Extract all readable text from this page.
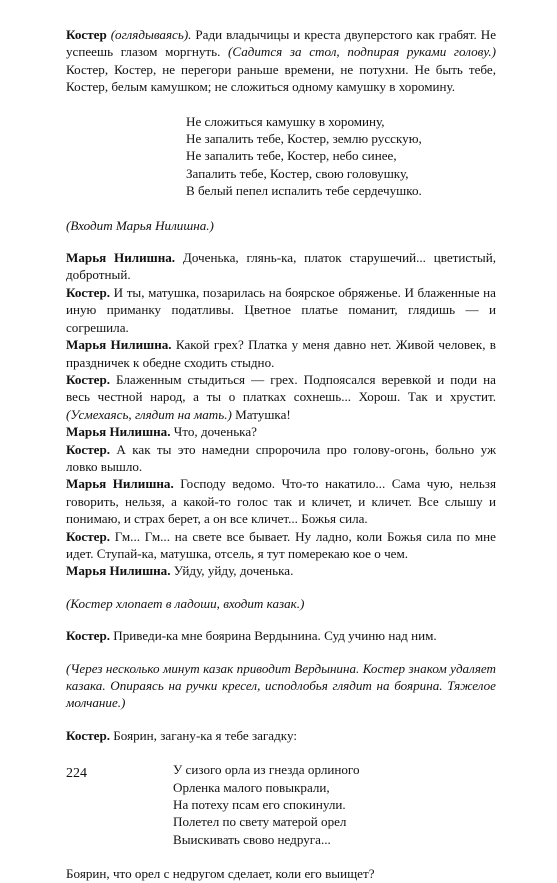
Костер (оглядываясь). Ради владычицы и креста двуперстого как грабят. Не успеешь глазом моргнуть. (Садится за стол, подпирая руками голову.) Костер, Костер, не перегори раньше времени, не потухни. Не быть тебе, Костер, белым камушком; не сложиться одному камушку в хоромину.

Не сложиться камушку в хоромину,
Не запалить тебе, Костер, землю русскую,
Не запалить тебе, Костер, небо синее,
Запалить тебе, Костер, свою головушку,
В белый пепел испалить тебе сердечушко.

(Входит Марья Нилишна.)

Марья Нилишна. Доченька, глянь-ка, платок старушечий... цветистый, добротный.

Костер. И ты, матушка, позарилась на боярское обряженье. И блаженные на иную приманку податливы. Цветное платье поманит, глядишь — и согрешила.

Марья Нилишна. Какой грех? Платка у меня давно нет. Живой человек, в праздничек к обедне сходить стыдно.

Костер. Блаженным стыдиться — грех. Подпоясался веревкой и поди на весь честной народ, а ты о платках сохнешь... Хорош. Так и хрустит. (Усмехаясь, глядит на мать.) Матушка!

Марья Нилишна. Что, доченька?

Костер. А как ты это намедни спророчила про голову-огонь, больно уж ловко вышло.

Марья Нилишна. Господу ведомо. Что-то накатило... Сама чую, нельзя говорить, нельзя, а какой-то голос так и кличет, и кличет. Все слышу и понимаю, и страх берет, а он все кличет... Божья сила.

Костер. Гм... Гм... на свете все бывает. Ну ладно, коли Божья сила по мне идет. Ступай-ка, матушка, отсель, я тут померекаю кое о чем.

Марья Нилишна. Уйду, уйду, доченька.

(Костер хлопает в ладоши, входит казак.)

Костер. Приведи-ка мне боярина Вердынина. Суд учиню над ним.

(Через несколько минут казак приводит Вердынина. Костер знаком удаляет казака. Опираясь на ручки кресел, исподлобья глядит на боярина. Тяжелое молчание.)

Костер. Боярин, загану-ка я тебе загадку:

У сизого орла из гнезда орлиного
Орленка малого повыкрали,
На потеху псам его спокинули.
Полетел по свету матерой орел
Выискивать свово недруга...

Боярин, что орел с недругом сделает, коли его выищет?

224
